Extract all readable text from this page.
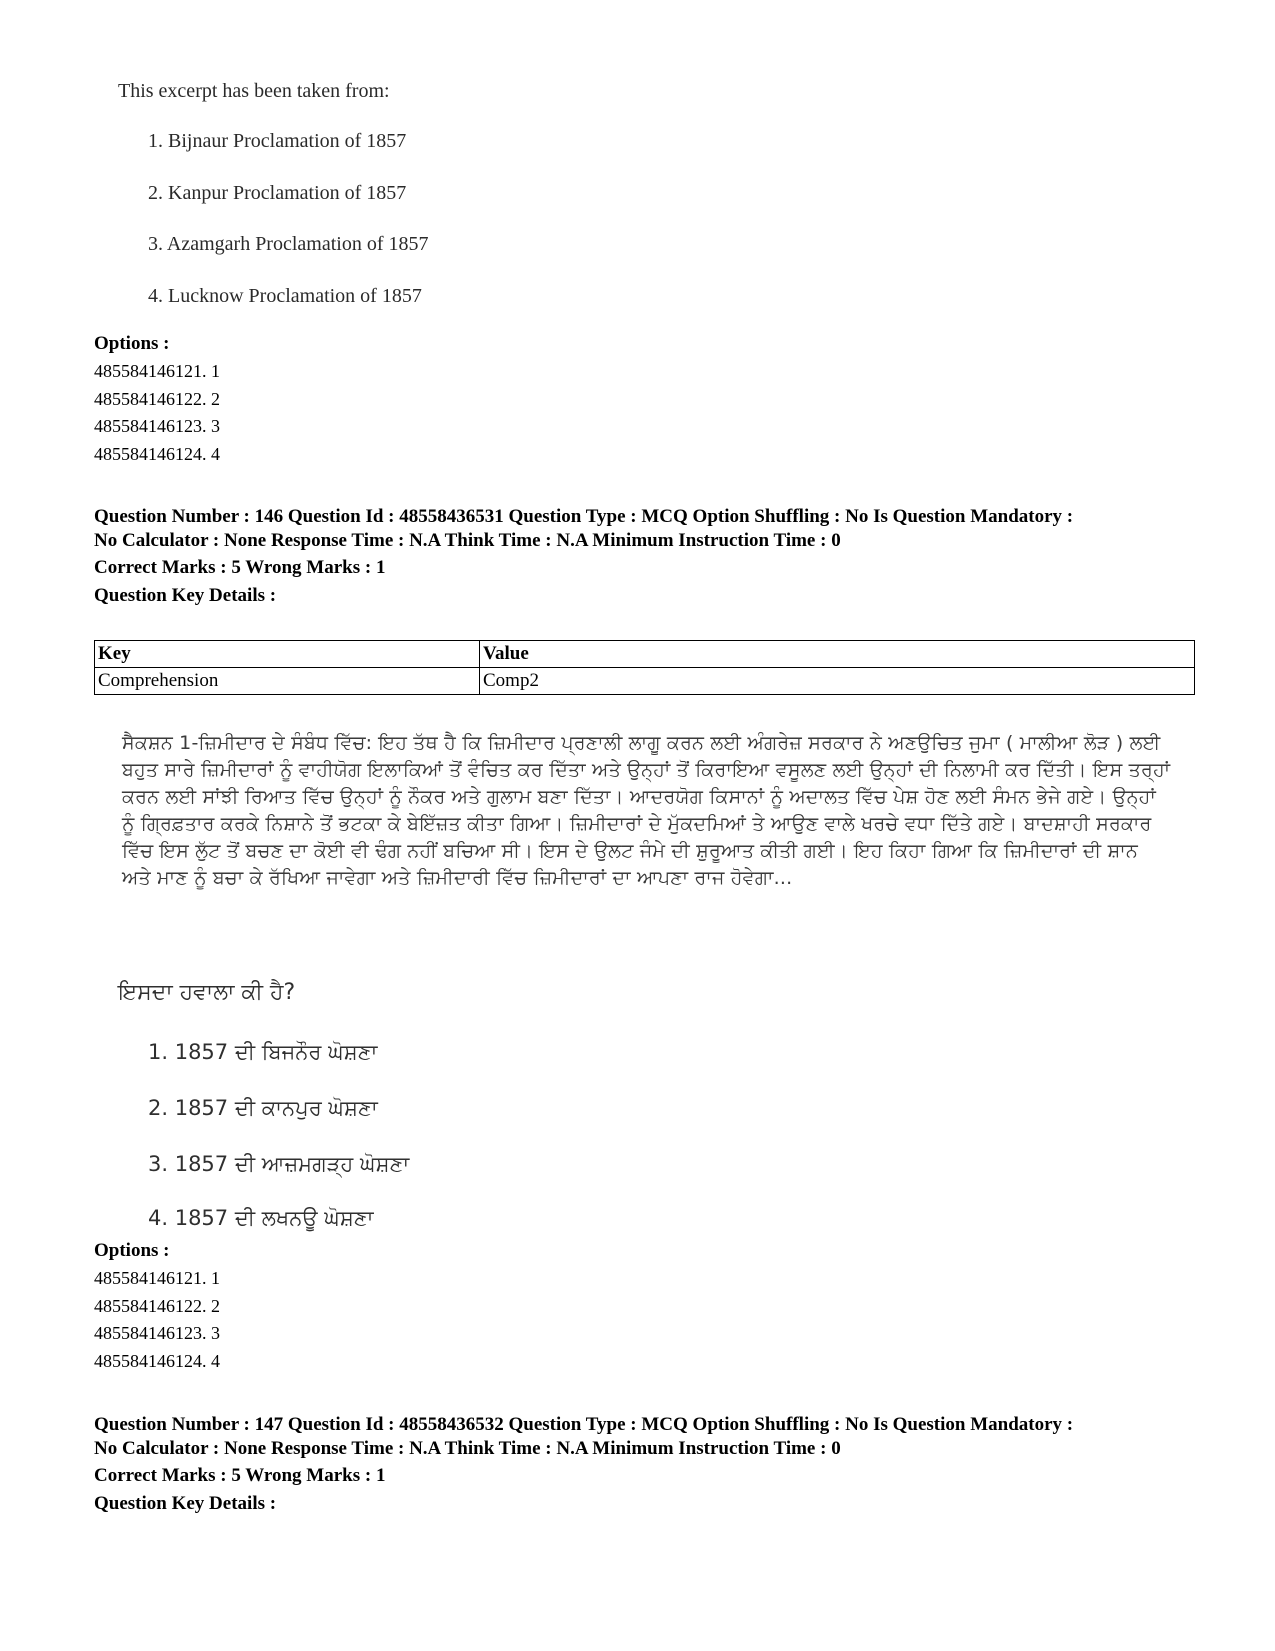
This excerpt has been taken from:
1. Bijnaur Proclamation of 1857
2. Kanpur Proclamation of 1857
3. Azamgarh Proclamation of 1857
4. Lucknow Proclamation of 1857
Options :
485584146121. 1
485584146122. 2
485584146123. 3
485584146124. 4
Question Number : 146 Question Id : 48558436531 Question Type : MCQ Option Shuffling : No Is Question Mandatory :
No Calculator : None Response Time : N.A Think Time : N.A Minimum Instruction Time : 0
Correct Marks : 5 Wrong Marks : 1
Question Key Details :
Key	Value
Comprehension	Comp2
ਸੈਕਸ਼ਨ 1-ਜ਼ਿਮੀਦਾਰ ਦੇ ਸੰਬੰਧ ਵਿੱਚ: ਇਹ ਤੱਥ ਹੈ ਕਿ ਜ਼ਿਮੀਦਾਰ ਪ੍ਰਣਾਲੀ ਲਾਗੂ ਕਰਨ ਲਈ ਅੰਗਰੇਜ਼ ਸਰਕਾਰ ਨੇ ਅਣਉਚਿਤ ਜੁਮਾ ( ਮਾਲੀਆ ਲੋੜ ) ਲਈ ਬਹੁਤ ਸਾਰੇ ਜ਼ਿਮੀਦਾਰਾਂ ਨੂੰ ਵਾਹੀਯੋਗ ਇਲਾਕਿਆਂ ਤੋਂ ਵੰਚਿਤ ਕਰ ਦਿੱਤਾ ਅਤੇ ਉਨ੍ਹਾਂ ਤੋਂ ਕਿਰਾਇਆ ਵਸੂਲਣ ਲਈ ਉਨ੍ਹਾਂ ਦੀ ਨਿਲਾਮੀ ਕਰ ਦਿੱਤੀ। ਇਸ ਤਰ੍ਹਾਂ ਕਰਨ ਲਈ ਸਾਂਝੀ ਰਿਆਤ ਵਿੱਚ ਉਨ੍ਹਾਂ ਨੂੰ ਨੌਕਰ ਅਤੇ ਗੁਲਾਮ ਬਣਾ ਦਿੱਤਾ। ਆਦਰਯੋਗ ਕਿਸਾਨਾਂ ਨੂੰ ਅਦਾਲਤ ਵਿੱਚ ਪੇਸ਼ ਹੋਣ ਲਈ ਸੰਮਨ ਭੇਜੇ ਗਏ। ਉਨ੍ਹਾਂ ਨੂੰ ਗ੍ਰਿਫ਼ਤਾਰ ਕਰਕੇ ਨਿਸ਼ਾਨੇ ਤੋਂ ਭਟਕਾ ਕੇ ਬੇਇੱਜ਼ਤ ਕੀਤਾ ਗਿਆ। ਜ਼ਿਮੀਦਾਰਾਂ ਦੇ ਮੁੱਕਦਮਿਆਂ ਤੇ ਆਉਣ ਵਾਲੇ ਖਰਚੇ ਵਧਾ ਦਿੱਤੇ ਗਏ। ਬਾਦਸ਼ਾਹੀ ਸਰਕਾਰ ਵਿੱਚ ਇਸ ਲੁੱਟ ਤੋਂ ਬਚਣ ਦਾ ਕੋਈ ਵੀ ਢੰਗ ਨਹੀਂ ਬਚਿਆ ਸੀ। ਇਸ ਦੇ ਉਲਟ ਜੰਮੇ ਦੀ ਸ਼ੁਰੂਆਤ ਕੀਤੀ ਗਈ। ਇਹ ਕਿਹਾ ਗਿਆ ਕਿ ਜ਼ਿਮੀਦਾਰਾਂ ਦੀ ਸ਼ਾਨ ਅਤੇ ਮਾਣ ਨੂੰ ਬਚਾ ਕੇ ਰੱਖਿਆ ਜਾਵੇਗਾ ਅਤੇ ਜ਼ਿਮੀਦਾਰੀ ਵਿੱਚ ਜ਼ਿਮੀਦਾਰਾਂ ਦਾ ਆਪਣਾ ਰਾਜ ਹੋਵੇਗਾ...
ਇਸਦਾ ਹਵਾਲਾ ਕੀ ਹੈ?
1. 1857 ਦੀ ਬਿਜਨੌਰ ਘੋਸ਼ਣਾ
2. 1857 ਦੀ ਕਾਨਪੁਰ ਘੋਸ਼ਣਾ
3. 1857 ਦੀ ਆਜ਼ਮਗੜ੍ਹ ਘੋਸ਼ਣਾ
4. 1857 ਦੀ ਲਖਨਊ ਘੋਸ਼ਣਾ
Options :
485584146121. 1
485584146122. 2
485584146123. 3
485584146124. 4
Question Number : 147 Question Id : 48558436532 Question Type : MCQ Option Shuffling : No Is Question Mandatory :
No Calculator : None Response Time : N.A Think Time : N.A Minimum Instruction Time : 0
Correct Marks : 5 Wrong Marks : 1
Question Key Details :
